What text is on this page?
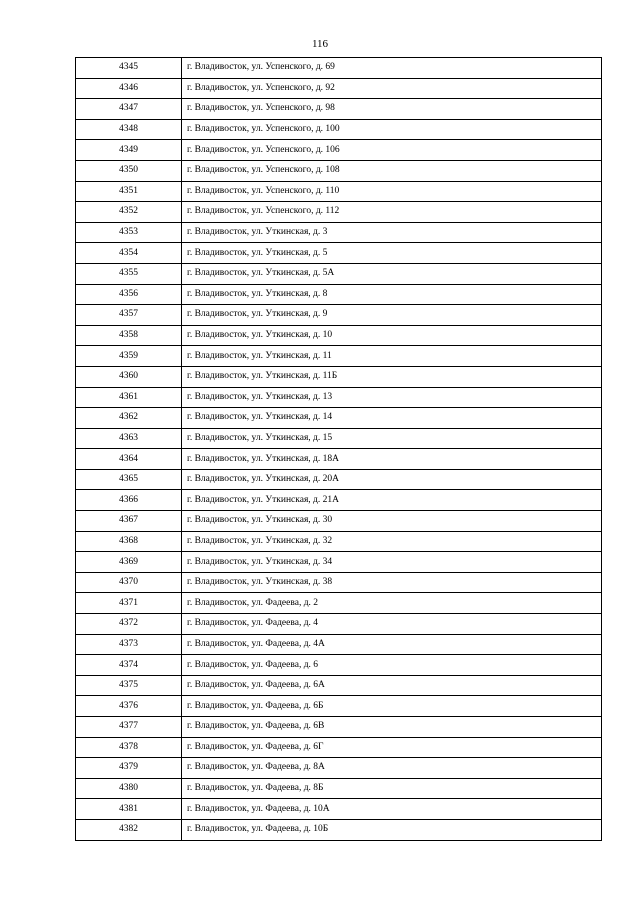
116
4345	г. Владивосток, ул. Успенского, д. 69
4346	г. Владивосток, ул. Успенского, д. 92
4347	г. Владивосток, ул. Успенского, д. 98
4348	г. Владивосток, ул. Успенского, д. 100
4349	г. Владивосток, ул. Успенского, д. 106
4350	г. Владивосток, ул. Успенского, д. 108
4351	г. Владивосток, ул. Успенского, д. 110
4352	г. Владивосток, ул. Успенского, д. 112
4353	г. Владивосток, ул. Уткинская, д. 3
4354	г. Владивосток, ул. Уткинская, д. 5
4355	г. Владивосток, ул. Уткинская, д. 5А
4356	г. Владивосток, ул. Уткинская, д. 8
4357	г. Владивосток, ул. Уткинская, д. 9
4358	г. Владивосток, ул. Уткинская, д. 10
4359	г. Владивосток, ул. Уткинская, д. 11
4360	г. Владивосток, ул. Уткинская, д. 11Б
4361	г. Владивосток, ул. Уткинская, д. 13
4362	г. Владивосток, ул. Уткинская, д. 14
4363	г. Владивосток, ул. Уткинская, д. 15
4364	г. Владивосток, ул. Уткинская, д. 18А
4365	г. Владивосток, ул. Уткинская, д. 20А
4366	г. Владивосток, ул. Уткинская, д. 21А
4367	г. Владивосток, ул. Уткинская, д. 30
4368	г. Владивосток, ул. Уткинская, д. 32
4369	г. Владивосток, ул. Уткинская, д. 34
4370	г. Владивосток, ул. Уткинская, д. 38
4371	г. Владивосток, ул. Фадеева, д. 2
4372	г. Владивосток, ул. Фадеева, д. 4
4373	г. Владивосток, ул. Фадеева, д. 4А
4374	г. Владивосток, ул. Фадеева, д. 6
4375	г. Владивосток, ул. Фадеева, д. 6А
4376	г. Владивосток, ул. Фадеева, д. 6Б
4377	г. Владивосток, ул. Фадеева, д. 6В
4378	г. Владивосток, ул. Фадеева, д. 6Г
4379	г. Владивосток, ул. Фадеева, д. 8А
4380	г. Владивосток, ул. Фадеева, д. 8Б
4381	г. Владивосток, ул. Фадеева, д. 10А
4382	г. Владивосток, ул. Фадеева, д. 10Б
